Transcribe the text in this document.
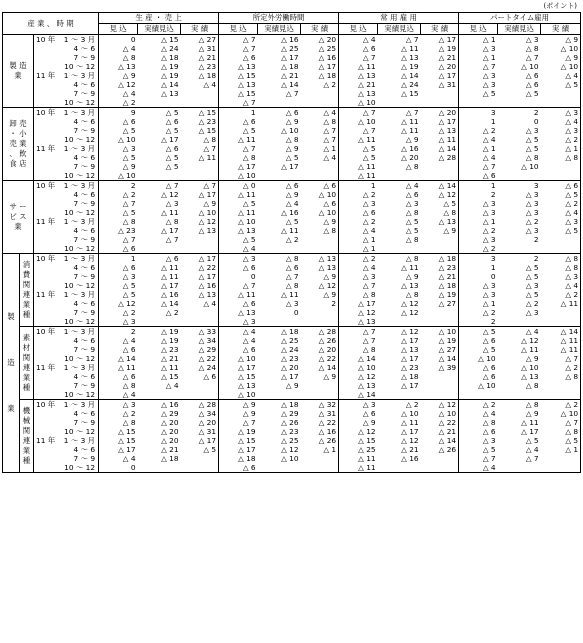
(ポイント)
産 業 、 時 期				生 産 ・ 売 上			所定外労働時間			常 用 雇 用			パートタイム雇用		
				見 込	実績見込	実 績	見 込	実績見込	実 績	見 込	実績見込	実 績	見 込	実績見込	実 績
製 造 業		10 年	1 ～ 3 月	0	△ 15	△ 27	△ 7	△ 16	△ 20	△ 4	△ 7	△ 17	△ 1	△ 3	△ 9
			4 ～ 6	△ 4	△ 24	△ 31	△ 7	△ 25	△ 25	△ 6	△ 11	△ 19	△ 3	△ 8	△ 10
			7 ～ 9	△ 8	△ 18	△ 21	△ 6	△ 17	△ 16	△ 7	△ 13	△ 21	△ 1	△ 7	△ 9
			10 ～ 12	△ 13	△ 19	△ 23	△ 13	△ 18	△ 17	△ 11	△ 19	△ 20	△ 7	△ 10	△ 10
		11 年	1 ～ 3 月	△ 9	△ 19	△ 18	△ 15	△ 21	△ 18	△ 13	△ 14	△ 17	△ 3	△ 6	△ 4
			4 ～ 6	△ 12	△ 14	△ 4	△ 13	△ 14	△ 2	△ 21	△ 24	△ 31	△ 3	△ 6	△ 5
			7 ～ 9	△ 4	△ 13		△ 15	△ 7		△ 13	△ 15		△ 5	△ 5	
			10 ～ 12	△ 2			△ 7			△ 10					
卸 売 ・ 小 売 業 、 飲 食 店		10 年	1 ～ 3 月	9	△ 5	△ 15	1	△ 6	△ 4	△ 7	△ 7	△ 20	3	2	△ 3
			4 ～ 6	△ 6	△ 6	△ 23	△ 6	△ 9	△ 8	△ 10	△ 11	△ 17	1	0	△ 4
			7 ～ 9	△ 5	△ 5	△ 15	△ 5	△ 10	△ 7	△ 7	△ 11	△ 13	△ 2	△ 3	△ 3
			10 ～ 12	△ 10	△ 17	△ 8	△ 11	△ 8	△ 7	△ 11	△ 9	△ 11	△ 4	△ 5	△ 2
		11 年	1 ～ 3 月	△ 3	△ 6	△ 7	△ 7	△ 9	△ 1	△ 5	△ 16	△ 14	△ 1	△ 5	△ 1
			4 ～ 6	△ 5	△ 5	△ 11	△ 8	△ 5	△ 4	△ 5	△ 20	△ 28	△ 4	△ 8	△ 8
			7 ～ 9	△ 9	△ 5		△ 17	△ 17		△ 11	△ 8		△ 7	△ 10	
			10 ～ 12	△ 10			△ 10			△ 11			△ 6		
サ ー ビ ス 業		10 年	1 ～ 3 月	2	△ 7	△ 7	△ 0	△ 6	△ 6	1	△ 4	△ 14	1	3	△ 6
			4 ～ 6	△ 2	△ 12	△ 17	△ 11	△ 9	△ 10	△ 2	△ 6	△ 12	2	△ 3	△ 5
			7 ～ 9	△ 7	△ 3	△ 9	△ 5	△ 4	△ 6	△ 3	△ 3	△ 5	△ 3	△ 3	△ 2
			10 ～ 12	△ 5	△ 11	△ 10	△ 11	△ 16	△ 10	△ 6	△ 8	△ 8	△ 3	△ 3	△ 4
		11 年	1 ～ 3 月	△ 8	△ 8	△ 12	△ 10	△ 5	△ 9	△ 2	△ 5	△ 13	△ 1	△ 2	△ 3
			4 ～ 6	△ 23	△ 17	△ 13	△ 13	△ 11	△ 8	△ 4	△ 5	△ 9	△ 2	△ 3	△ 5
			7 ～ 9	△ 7	△ 7		△ 5	△ 2		△ 1	△ 8		△ 3	2	
			10 ～ 12	△ 6			△ 4			△ 1			△ 2		
製 造 業	消 費 関 連 業 種	10 年	1 ～ 3 月	1	△ 6	△ 17	△ 3	△ 8	△ 13	△ 2	△ 8	△ 18	3	2	△ 8
			4 ～ 6	△ 6	△ 11	△ 22	△ 6	△ 6	△ 13	△ 4	△ 11	△ 23	1	△ 5	△ 8
			7 ～ 9	△ 3	△ 11	△ 17	0	△ 7	△ 9	△ 3	△ 9	△ 21	0	△ 5	△ 3
			10 ～ 12	△ 5	△ 17	△ 16	△ 7	△ 8	△ 12	△ 7	△ 13	△ 18	△ 3	△ 3	△ 4
		11 年	1 ～ 3 月	△ 5	△ 16	△ 13	△ 11	△ 11	△ 9	△ 8	△ 8	△ 19	△ 3	△ 5	△ 2
			4 ～ 6	△ 12	△ 14	△ 4	△ 6	△ 3	2	△ 17	△ 12	△ 27	△ 1	△ 2	△ 11
			7 ～ 9	△ 2	△ 2		△ 13	0		△ 12	△ 12		△ 2	△ 3	
			10 ～ 12	△ 3			△ 3			△ 13			2		
	素 材 関 連 業 種	10 年	1 ～ 3 月	2	△ 19	△ 33	△ 4	△ 18	△ 28	△ 7	△ 12	△ 10	△ 5	△ 4	△ 14
			4 ～ 6	△ 4	△ 19	△ 34	△ 4	△ 25	△ 26	△ 7	△ 17	△ 19	△ 6	△ 12	△ 11
			7 ～ 9	△ 6	△ 23	△ 29	△ 6	△ 24	△ 20	△ 8	△ 13	△ 27	△ 5	△ 11	△ 11
			10 ～ 12	△ 14	△ 21	△ 22	△ 10	△ 23	△ 22	△ 14	△ 17	△ 14	△ 10	△ 9	△ 7
		11 年	1 ～ 3 月	△ 11	△ 11	△ 24	△ 17	△ 20	△ 14	△ 10	△ 23	△ 39	△ 6	△ 10	△ 2
			4 ～ 6	△ 6	△ 15	△ 6	△ 15	△ 17	△ 9	△ 12	△ 18		△ 6	△ 13	△ 8
			7 ～ 9	△ 8	△ 4		△ 13	△ 9		△ 13	△ 17		△ 10	△ 8	
			10 ～ 12	△ 4			△ 10			△ 14					
	機 械 関 連 業 種	10 年	1 ～ 3 月	△ 3	△ 16	△ 28	△ 9	△ 18	△ 32	△ 3	△ 2	△ 12	△ 2	△ 8	△ 2
			4 ～ 6	△ 2	△ 29	△ 34	△ 9	△ 29	△ 31	△ 6	△ 10	△ 10	△ 4	△ 9	△ 10
			7 ～ 9	△ 8	△ 20	△ 20	△ 7	△ 26	△ 22	△ 9	△ 11	△ 22	△ 8	△ 11	△ 7
			10 ～ 12	△ 15	△ 20	△ 31	△ 19	△ 23	△ 16	△ 12	△ 17	△ 21	△ 6	△ 17	△ 8
		11 年	1 ～ 3 月	△ 15	△ 20	△ 17	△ 15	△ 25	△ 26	△ 15	△ 12	△ 14	△ 3	△ 5	△ 5
			4 ～ 6	△ 17	△ 21	△ 5	△ 17	△ 12	△ 1	△ 25	△ 21	△ 26	△ 5	△ 4	△ 1
			7 ～ 9	△ 4	△ 18		△ 18	△ 10		△ 11	△ 16		△ 7	△ 7	
			10 ～ 12	0			△ 6			△ 11			△ 4		
